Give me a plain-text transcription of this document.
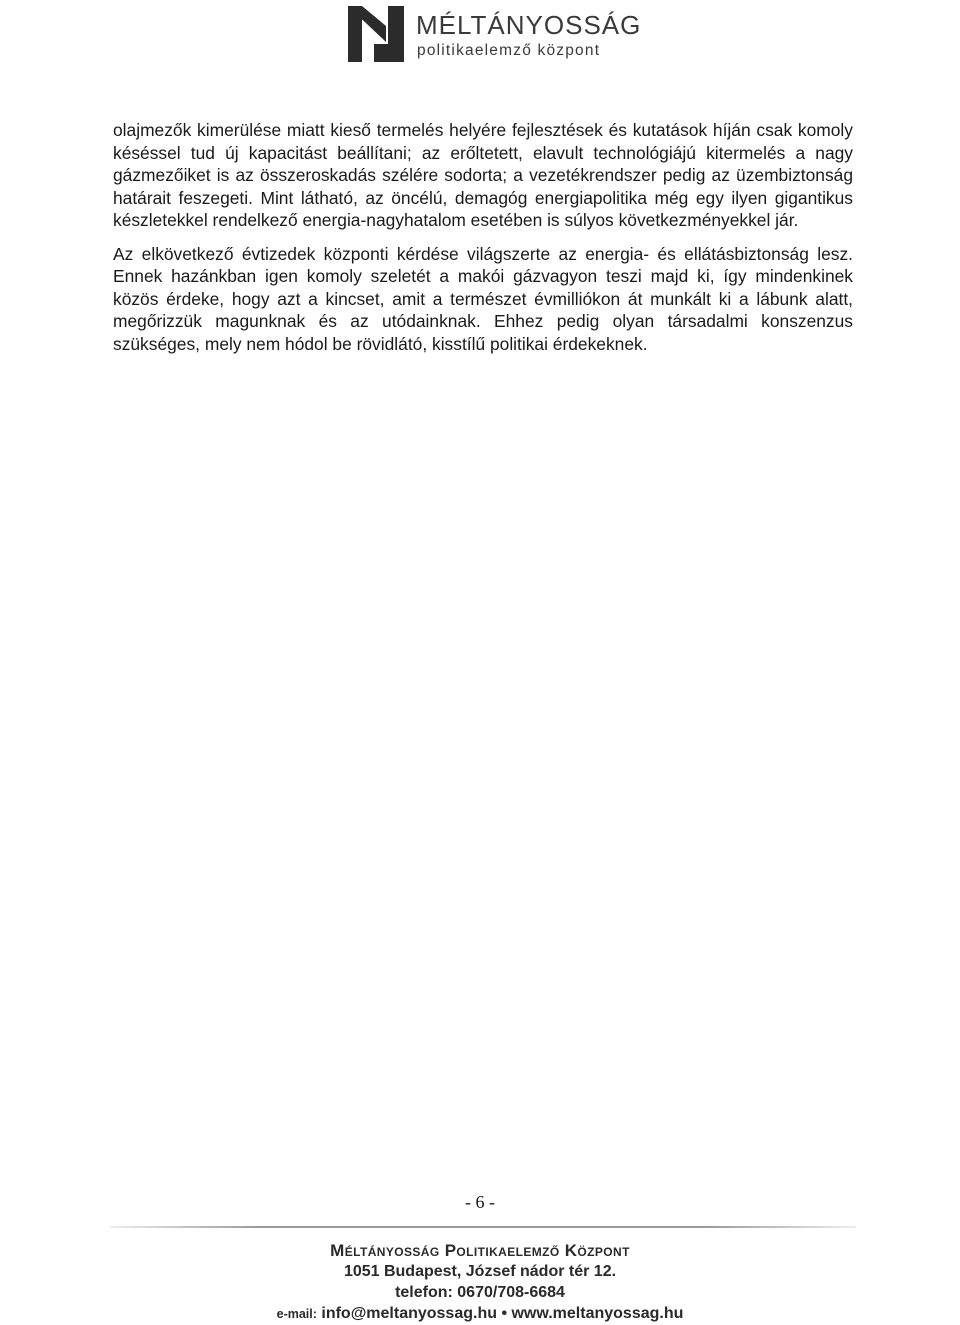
MÉLTÁNYOSSÁG
politikaelemző központ

olajmezők kimerülése miatt kieső termelés helyére fejlesztések és kutatások híján csak komoly késéssel tud új kapacitást beállítani; az erőltetett, elavult technológiájú kitermelés a nagy gázmezőiket is az összeroskadás szélére sodorta; a vezetékrendszer pedig az üzembiztonság határait feszegeti. Mint látható, az öncélú, demagóg energiapolitika még egy ilyen gigantikus készletekkel rendelkező energia-nagyhatalom esetében is súlyos következményekkel jár.

Az elkövetkező évtizedek központi kérdése világszerte az energia- és ellátásbiztonság lesz. Ennek hazánkban igen komoly szeletét a makói gázvagyon teszi majd ki, így mindenkinek közös érdeke, hogy azt a kincset, amit a természet évmilliókon át munkált ki a lábunk alatt, megőrizzük magunknak és az utódainknak. Ehhez pedig olyan társadalmi konszenzus szükséges, mely nem hódol be rövidlátó, kisstílű politikai érdekeknek.

- 6 -
Méltányosság Politikaelemző Központ
1051 Budapest, József nádor tér 12.
telefon: 0670/708-6684
e-mail: info@meltanyossag.hu • www.meltanyossag.hu
